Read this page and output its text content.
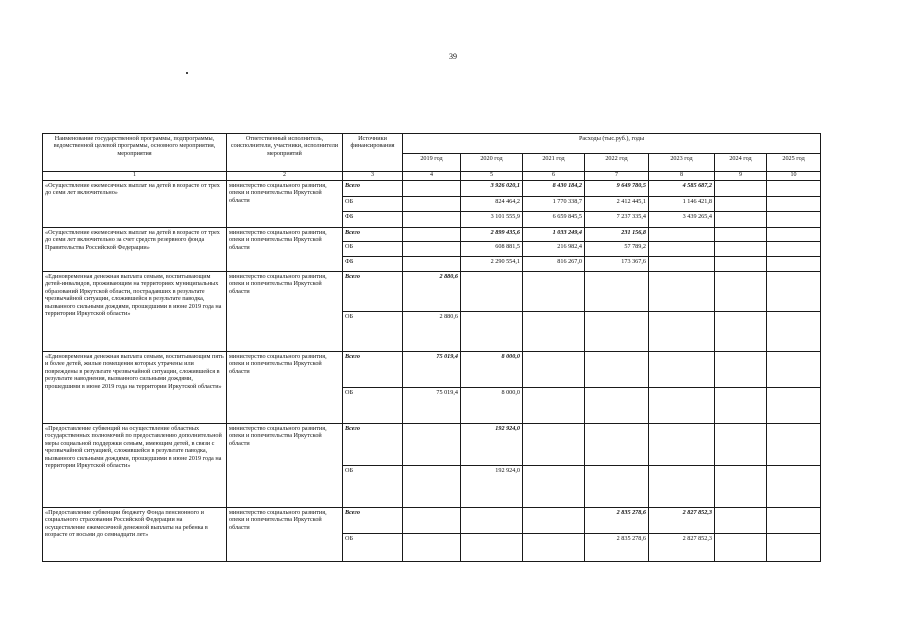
39
Наименование государственной программы, подпрограммы, ведомственной целевой программы, основного мероприятия, мероприятия	Ответственный исполнитель, соисполнители, участники, исполнители мероприятий	Источники финансирования	Расходы (тыс.руб.), годы						
			2019 год	2020 год	2021 год	2022 год	2023 год	2024 год	2025 год
1	2	3	4	5	6	7	8	9	10
«Осуществление ежемесячных выплат на детей в возрасте от трех до семи лет включительно»	министерство социального развития, опеки и попечительства Иркутской области	Всего		3 926 020,1	8 430 184,2	9 649 780,5	4 585 687,2		
		ОБ		824 464,2	1 770 338,7	2 412 445,1	1 146 421,8		
		ФБ		3 101 555,9	6 659 845,5	7 237 335,4	3 439 265,4		
«Осуществление ежемесячных выплат на детей в возрасте от трех до семи лет включительно за счет средств резервного фонда Правительства Российской Федерации»	министерство социального развития, опеки и попечительства Иркутской области	Всего		2 899 435,6	1 033 249,4	231 156,8			
		ОБ		608 881,5	216 982,4	57 789,2			
		ФБ		2 290 554,1	816 267,0	173 367,6			
«Единовременная денежная выплата семьям, воспитывающим детей-инвалидов, проживающим на территориях муниципальных образований Иркутской области, пострадавших в результате чрезвычайной ситуации, сложившейся в результате паводка, вызванного сильными дождями, прошедшими в июне 2019 года на территории Иркутской области»	министерство социального развития, опеки и попечительства Иркутской области	Всего	2 880,6						
		ОБ	2 880,6						
«Единовременная денежная выплата семьям, воспитывающим пять и более детей, жилые помещения которых утрачены или повреждены в результате чрезвычайной ситуации, сложившейся в результате наводнения, вызванного сильными дождями, прошедшими в июне 2019 года на территории Иркутской области»	министерство социального развития, опеки и попечительства Иркутской области	Всего	75 019,4	8 000,0					
		ОБ	75 019,4	8 000,0					
«Предоставление субвенций на осуществление областных государственных полномочий по предоставлению дополнительной меры социальной поддержки семьям, имеющим детей, в связи с чрезвычайной ситуацией, сложившейся в результате паводка, вызванного сильными дождями, прошедшими в июне 2019 года на территории Иркутской области»	министерство социального развития, опеки и попечительства Иркутской области	Всего		192 924,0					
		ОБ		192 924,0					
«Предоставление субвенции бюджету Фонда пенсионного и социального страхования Российской Федерации на осуществление ежемесячной денежной выплаты на ребенка в возрасте от восьми до семнадцати лет»	министерство социального развития, опеки и попечительства Иркутской области	Всего				2 835 278,6	2 827 852,3		
		ОБ				2 835 278,6	2 827 852,3		
